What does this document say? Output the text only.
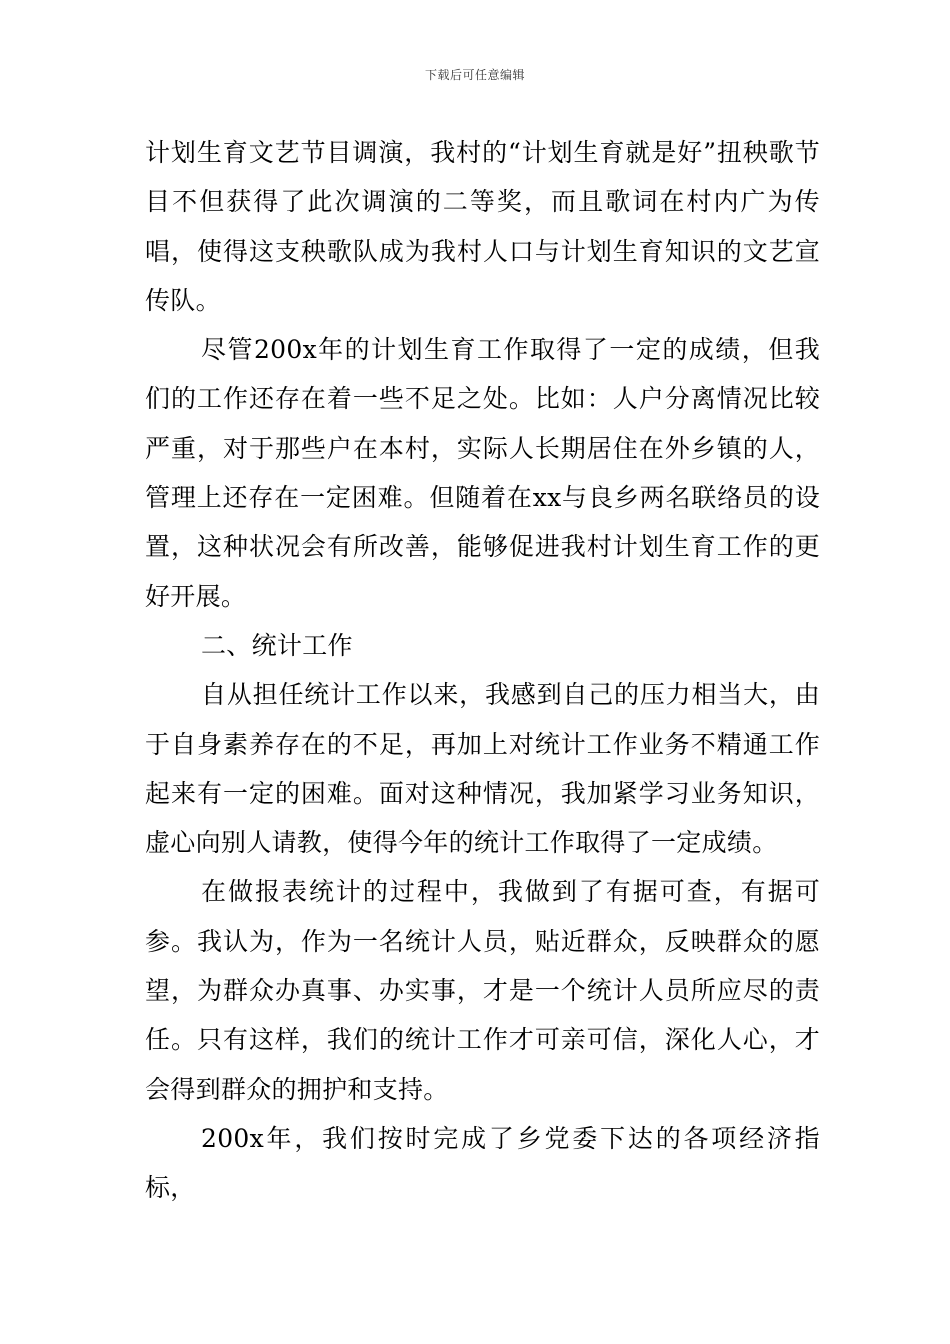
下载后可任意编辑

计划生育文艺节目调演，我村的“计划生育就是好”扭秧歌节目不但获得了此次调演的二等奖，而且歌词在村内广为传唱，使得这支秧歌队成为我村人口与计划生育知识的文艺宣传队。

尽管200x年的计划生育工作取得了一定的成绩，但我们的工作还存在着一些不足之处。比如：人户分离情况比较严重，对于那些户在本村，实际人长期居住在外乡镇的人，管理上还存在一定困难。但随着在xx与良乡两名联络员的设置，这种状况会有所改善，能够促进我村计划生育工作的更好开展。

二、统计工作

自从担任统计工作以来，我感到自己的压力相当大，由于自身素养存在的不足，再加上对统计工作业务不精通工作起来有一定的困难。面对这种情况，我加紧学习业务知识，虚心向别人请教，使得今年的统计工作取得了一定成绩。

在做报表统计的过程中，我做到了有据可查，有据可参。我认为，作为一名统计人员，贴近群众，反映群众的愿望，为群众办真事、办实事，才是一个统计人员所应尽的责任。只有这样，我们的统计工作才可亲可信，深化人心，才会得到群众的拥护和支持。

200x年，我们按时完成了乡党委下达的各项经济指标，
